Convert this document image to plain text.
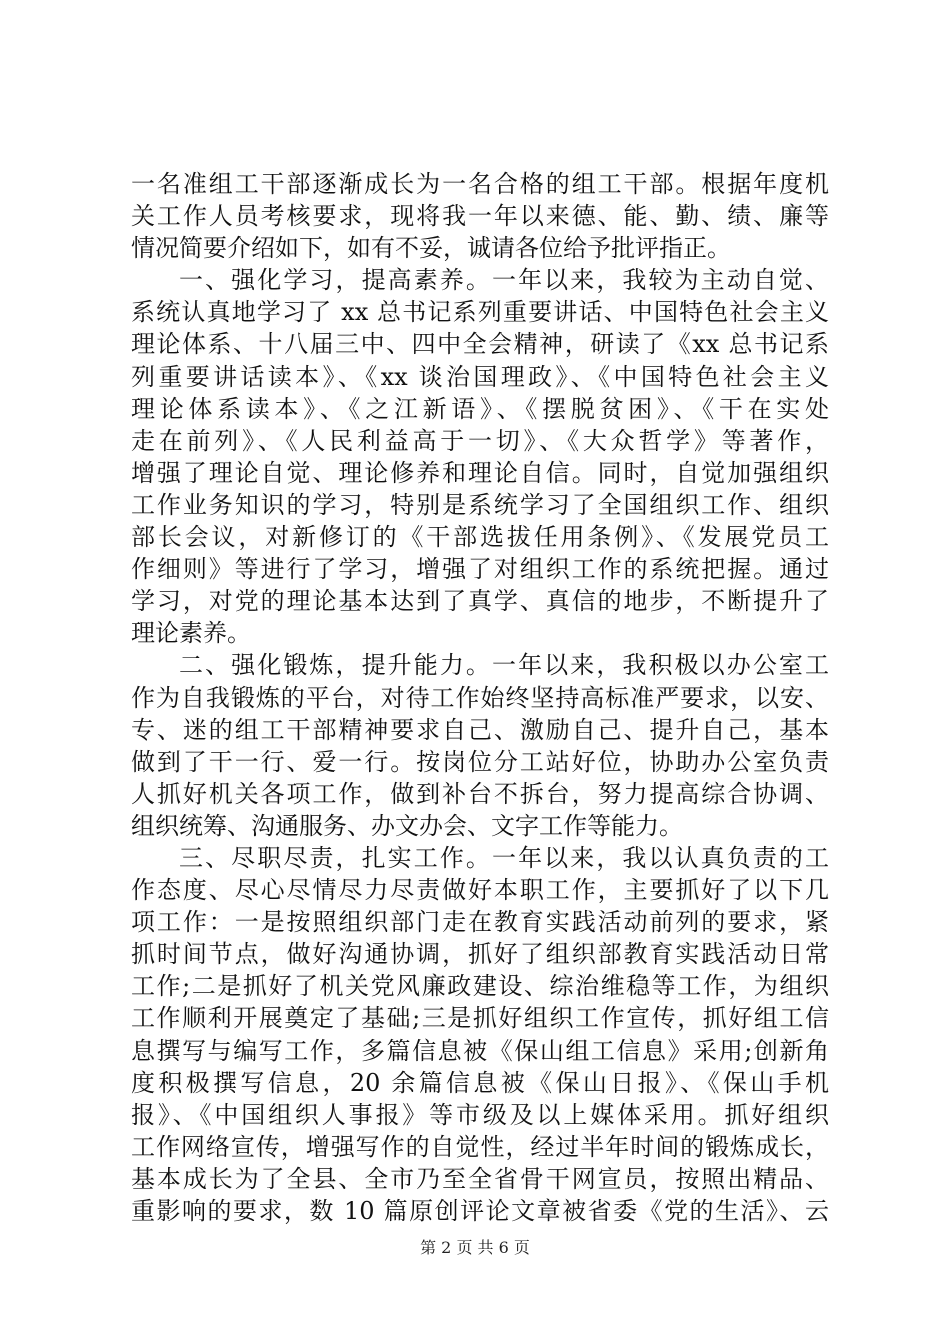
一名准组工干部逐渐成长为一名合格的组工干部。根据年度机
关工作人员考核要求，现将我一年以来德、能、勤、绩、廉等
情况简要介绍如下，如有不妥，诚请各位给予批评指正。
一、强化学习，提高素养。一年以来，我较为主动自觉、
系统认真地学习了 xx 总书记系列重要讲话、中国特色社会主义
理论体系、十八届三中、四中全会精神，研读了《xx 总书记系
列重要讲话读本》、《xx 谈治国理政》、《中国特色社会主义
理论体系读本》、《之江新语》、《摆脱贫困》、《干在实处
走在前列》、《人民利益高于一切》、《大众哲学》等著作，
增强了理论自觉、理论修养和理论自信。同时，自觉加强组织
工作业务知识的学习，特别是系统学习了全国组织工作、组织
部长会议，对新修订的《干部选拔任用条例》、《发展党员工
作细则》等进行了学习，增强了对组织工作的系统把握。通过
学习，对党的理论基本达到了真学、真信的地步，不断提升了
理论素养。
二、强化锻炼，提升能力。一年以来，我积极以办公室工
作为自我锻炼的平台，对待工作始终坚持高标准严要求，以安、
专、迷的组工干部精神要求自己、激励自己、提升自己，基本
做到了干一行、爱一行。按岗位分工站好位，协助办公室负责
人抓好机关各项工作，做到补台不拆台，努力提高综合协调、
组织统筹、沟通服务、办文办会、文字工作等能力。
三、尽职尽责，扎实工作。一年以来，我以认真负责的工
作态度、尽心尽情尽力尽责做好本职工作，主要抓好了以下几
项工作：一是按照组织部门走在教育实践活动前列的要求，紧
抓时间节点，做好沟通协调，抓好了组织部教育实践活动日常
工作;二是抓好了机关党风廉政建设、综治维稳等工作，为组织
工作顺利开展奠定了基础;三是抓好组织工作宣传，抓好组工信
息撰写与编写工作，多篇信息被《保山组工信息》采用;创新角
度积极撰写信息，20 余篇信息被《保山日报》、《保山手机
报》、《中国组织人事报》等市级及以上媒体采用。抓好组织
工作网络宣传，增强写作的自觉性，经过半年时间的锻炼成长，
基本成长为了全县、全市乃至全省骨干网宣员，按照出精品、
重影响的要求，数 10 篇原创评论文章被省委《党的生活》、云
第 2 页 共 6 页
